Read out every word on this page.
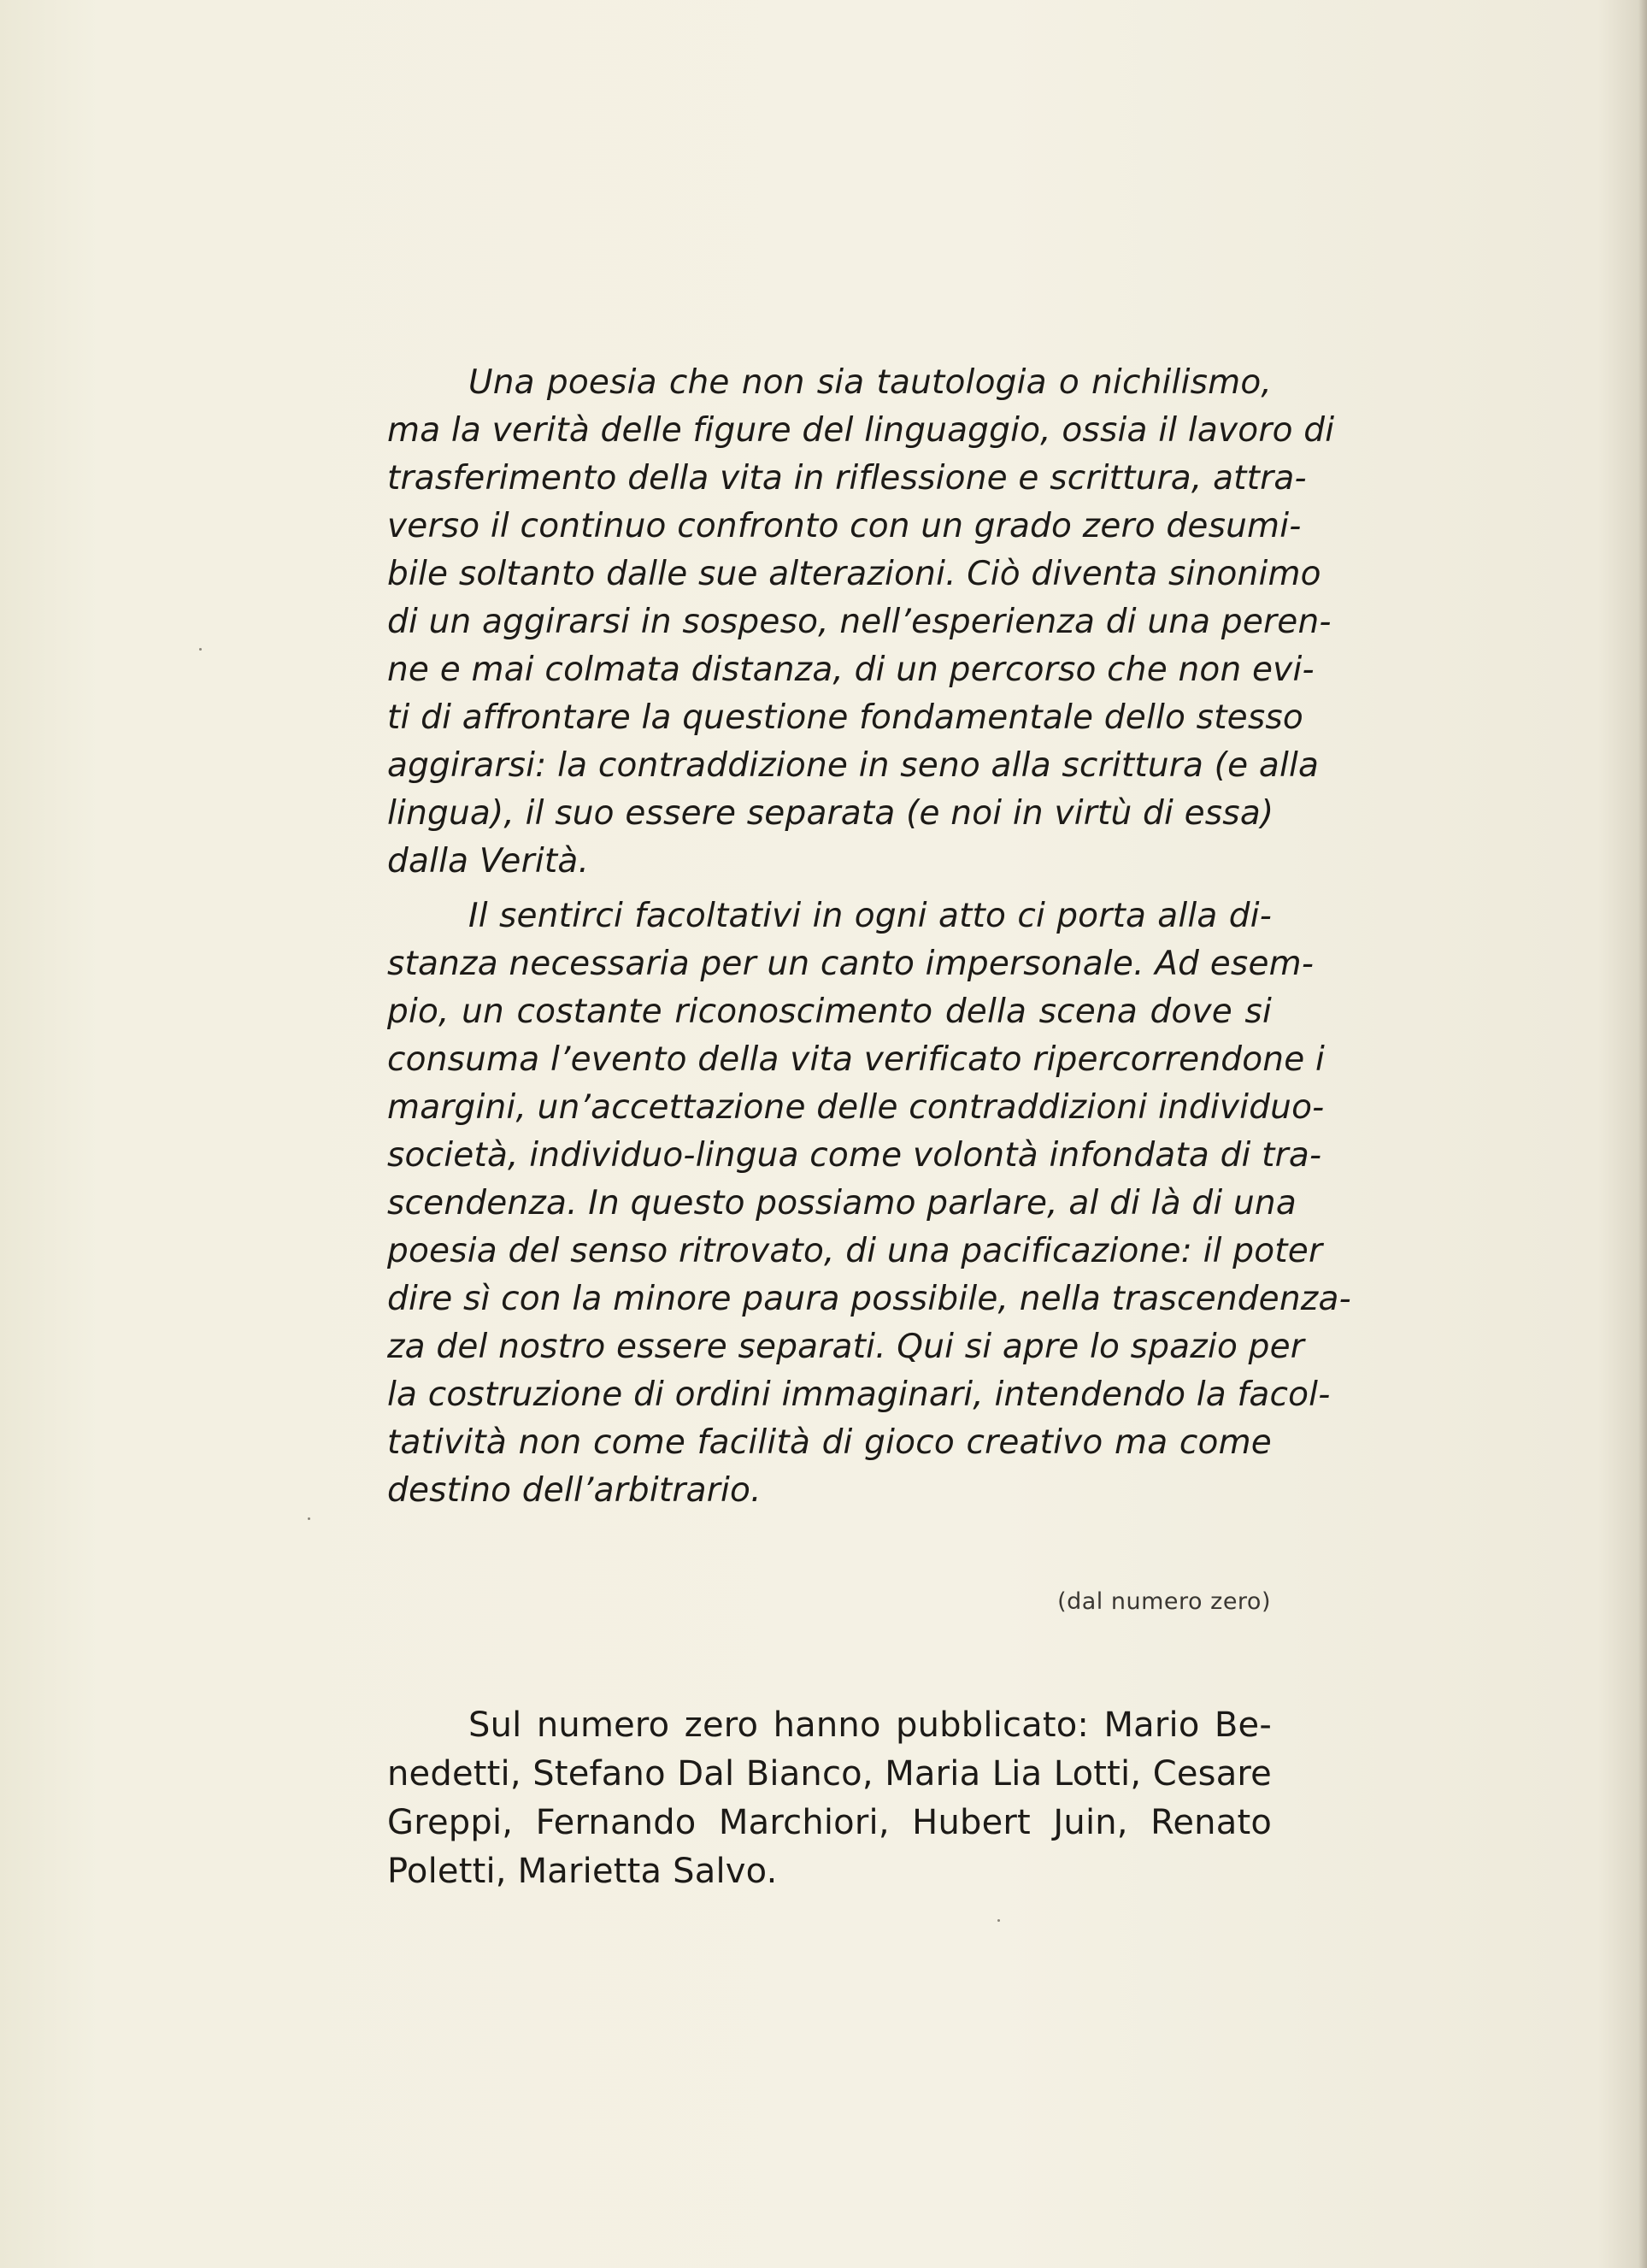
Una poesia che non sia tautologia o nichilismo,
ma la verità delle figure del linguaggio, ossia il lavoro di
trasferimento della vita in riflessione e scrittura, attra-
verso il continuo confronto con un grado zero desumi-
bile soltanto dalle sue alterazioni. Ciò diventa sinonimo
di un aggirarsi in sospeso, nell’esperienza di una peren-
ne e mai colmata distanza, di un percorso che non evi-
ti di affrontare la questione fondamentale dello stesso
aggirarsi: la contraddizione in seno alla scrittura (e alla
lingua), il suo essere separata (e noi in virtù di essa)
dalla Verità.
Il sentirci facoltativi in ogni atto ci porta alla di-
stanza necessaria per un canto impersonale. Ad esem-
pio, un costante riconoscimento della scena dove si
consuma l’evento della vita verificato ripercorrendone i
margini, un’accettazione delle contraddizioni individuo-
società, individuo-lingua come volontà infondata di tra-
scendenza. In questo possiamo parlare, al di là di una
poesia del senso ritrovato, di una pacificazione: il poter
dire sì con la minore paura possibile, nella trascendenza-
za del nostro essere separati. Qui si apre lo spazio per
la costruzione di ordini immaginari, intendendo la facol-
tatività non come facilità di gioco creativo ma come
destino dell’arbitrario.
(dal numero zero)
Sul numero zero hanno pubblicato: Mario Be-
nedetti, Stefano Dal Bianco, Maria Lia Lotti, Cesare
Greppi, Fernando Marchiori, Hubert Juin, Renato
Poletti, Marietta Salvo.
